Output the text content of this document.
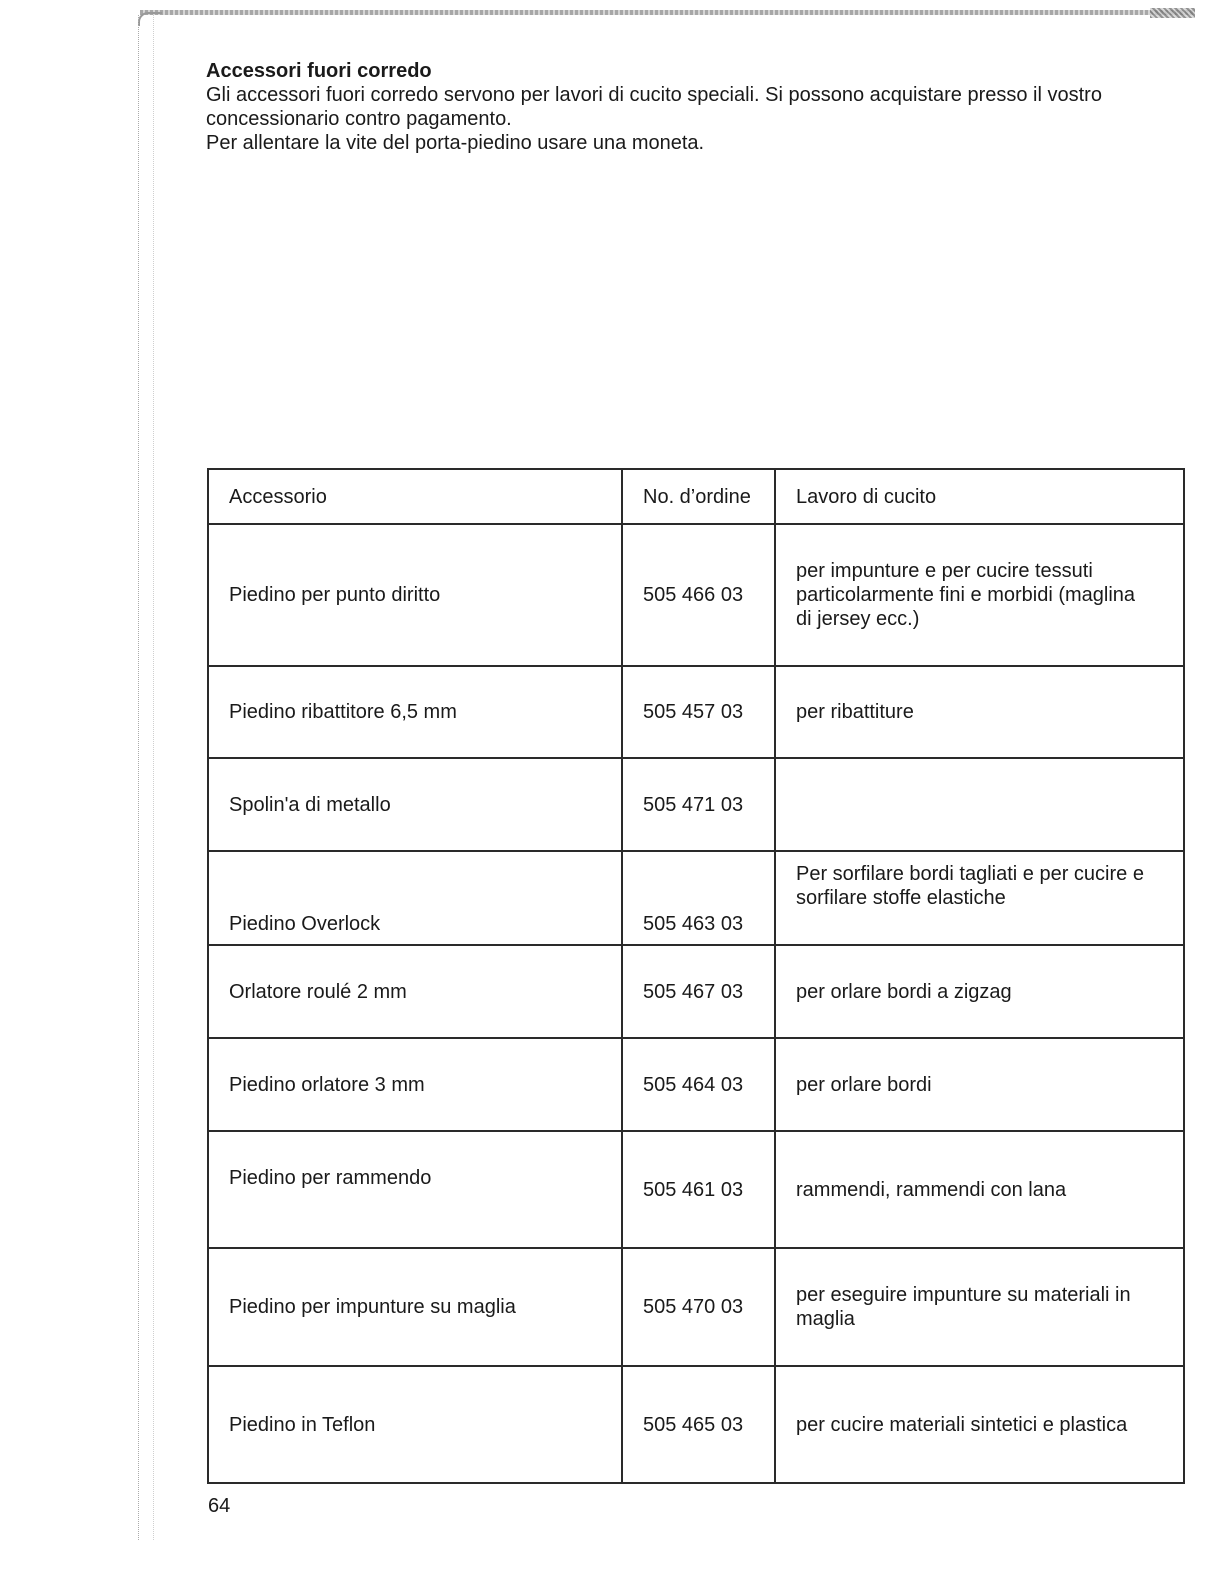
Accessori fuori corredo

Gli accessori fuori corredo servono per lavori di cucito speciali. Si possono acquistare presso il vostro concessionario contro pagamento.

Per allentare la vite del porta-piedino usare una moneta.

Accessorio	No. d’ordine	Lavoro di cucito
Piedino per punto diritto	505 466 03	per impunture e per cucire tessuti particolarmente fini e morbidi (maglina di jersey ecc.)
Piedino ribattitore 6,5 mm	505 457 03	per ribattiture
Spolin'a di metallo	505 471 03	
Piedino Overlock	505 463 03	Per sorfilare bordi tagliati e per cucire e sorfilare stoffe elastiche
Orlatore roulé 2 mm	505 467 03	per orlare bordi a zigzag
Piedino orlatore 3 mm	505 464 03	per orlare bordi
Piedino per rammendo	505 461 03	rammendi, rammendi con lana
Piedino per impunture su maglia	505 470 03	per eseguire impunture su materiali in maglia
Piedino in Teflon	505 465 03	per cucire materiali sintetici e plastica
64
